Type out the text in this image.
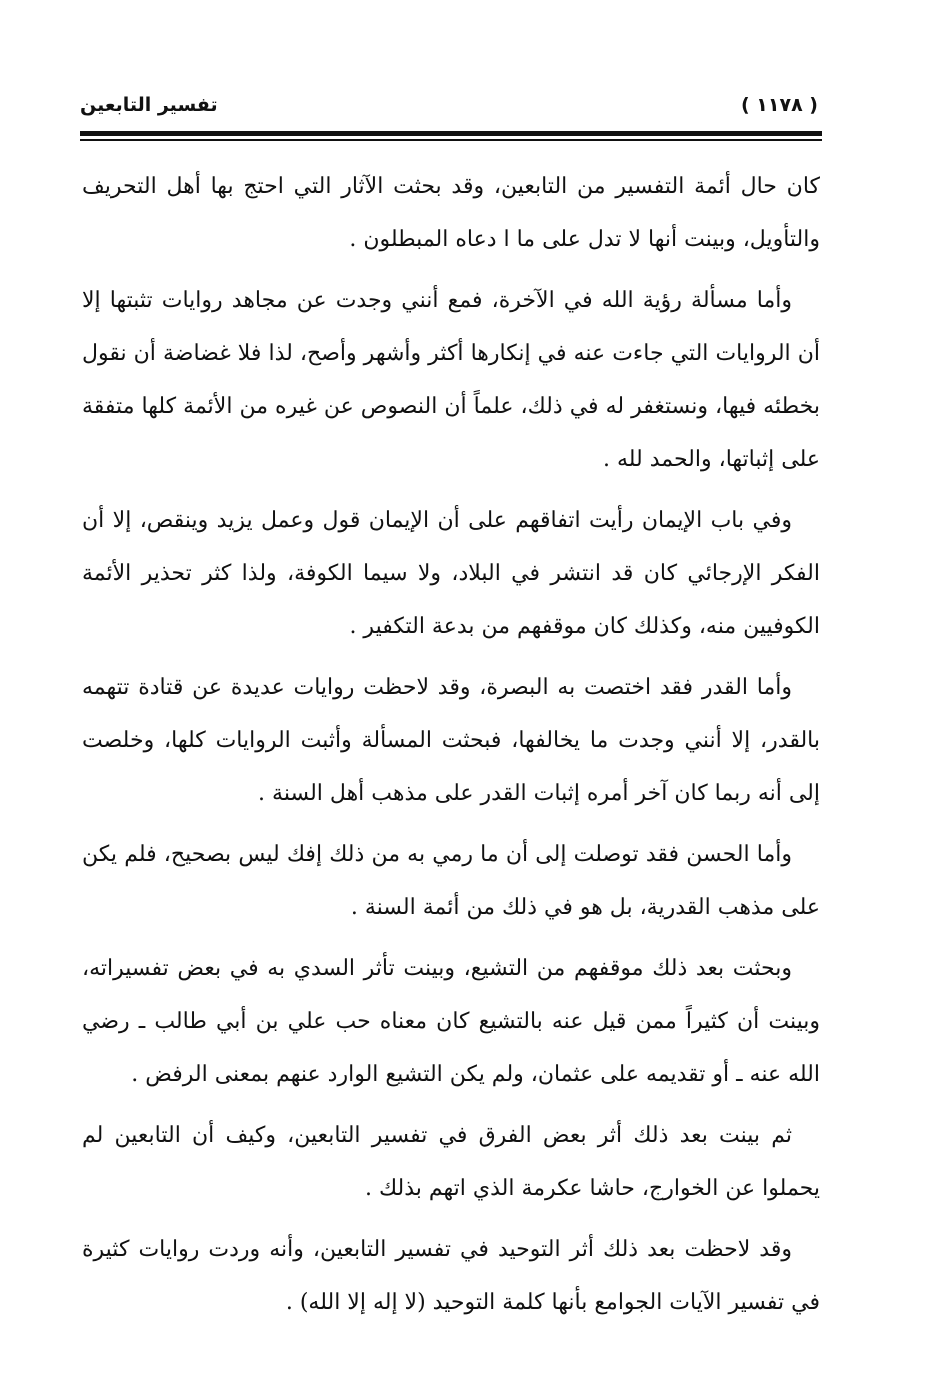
تفسير التابعين	( ١١٧٨ )

كان حال أئمة التفسير من التابعين، وقد بحثت الآثار التي احتج بها أهل التحريف والتأويل، وبينت أنها لا تدل على ما ا دعاه المبطلون .

وأما مسألة رؤية الله في الآخرة، فمع أنني وجدت عن مجاهد روايات تثبتها إلا أن الروايات التي جاءت عنه في إنكارها أكثر وأشهر وأصح، لذا فلا غضاضة أن نقول بخطئه فيها، ونستغفر له في ذلك، علماً أن النصوص عن غيره من الأئمة كلها متفقة على إثباتها، والحمد لله .

وفي باب الإيمان رأيت اتفاقهم على أن الإيمان قول وعمل يزيد وينقص، إلا أن الفكر الإرجائي كان قد انتشر في البلاد، ولا سيما الكوفة، ولذا كثر تحذير الأئمة الكوفيين منه، وكذلك كان موقفهم من بدعة التكفير .

وأما القدر فقد اختصت به البصرة، وقد لاحظت روايات عديدة عن قتادة تتهمه بالقدر، إلا أنني وجدت ما يخالفها، فبحثت المسألة وأثبت الروايات كلها، وخلصت إلى أنه ربما كان آخر أمره إثبات القدر على مذهب أهل السنة .

وأما الحسن فقد توصلت إلى أن ما رمي به من ذلك إفك ليس بصحيح، فلم يكن على مذهب القدرية، بل هو في ذلك من أئمة السنة .

وبحثت بعد ذلك موقفهم من التشيع، وبينت تأثر السدي به في بعض تفسيراته، وبينت أن كثيراً ممن قيل عنه بالتشيع كان معناه حب علي بن أبي طالب ـ رضي الله عنه ـ أو تقديمه على عثمان، ولم يكن التشيع الوارد عنهم بمعنى الرفض .

ثم بينت بعد ذلك أثر بعض الفرق في تفسير التابعين، وكيف أن التابعين لم يحملوا عن الخوارج، حاشا عكرمة الذي اتهم بذلك .

وقد لاحظت بعد ذلك أثر التوحيد في تفسير التابعين، وأنه وردت روايات كثيرة في تفسير الآيات الجوامع بأنها كلمة التوحيد (لا إله إلا الله) .
